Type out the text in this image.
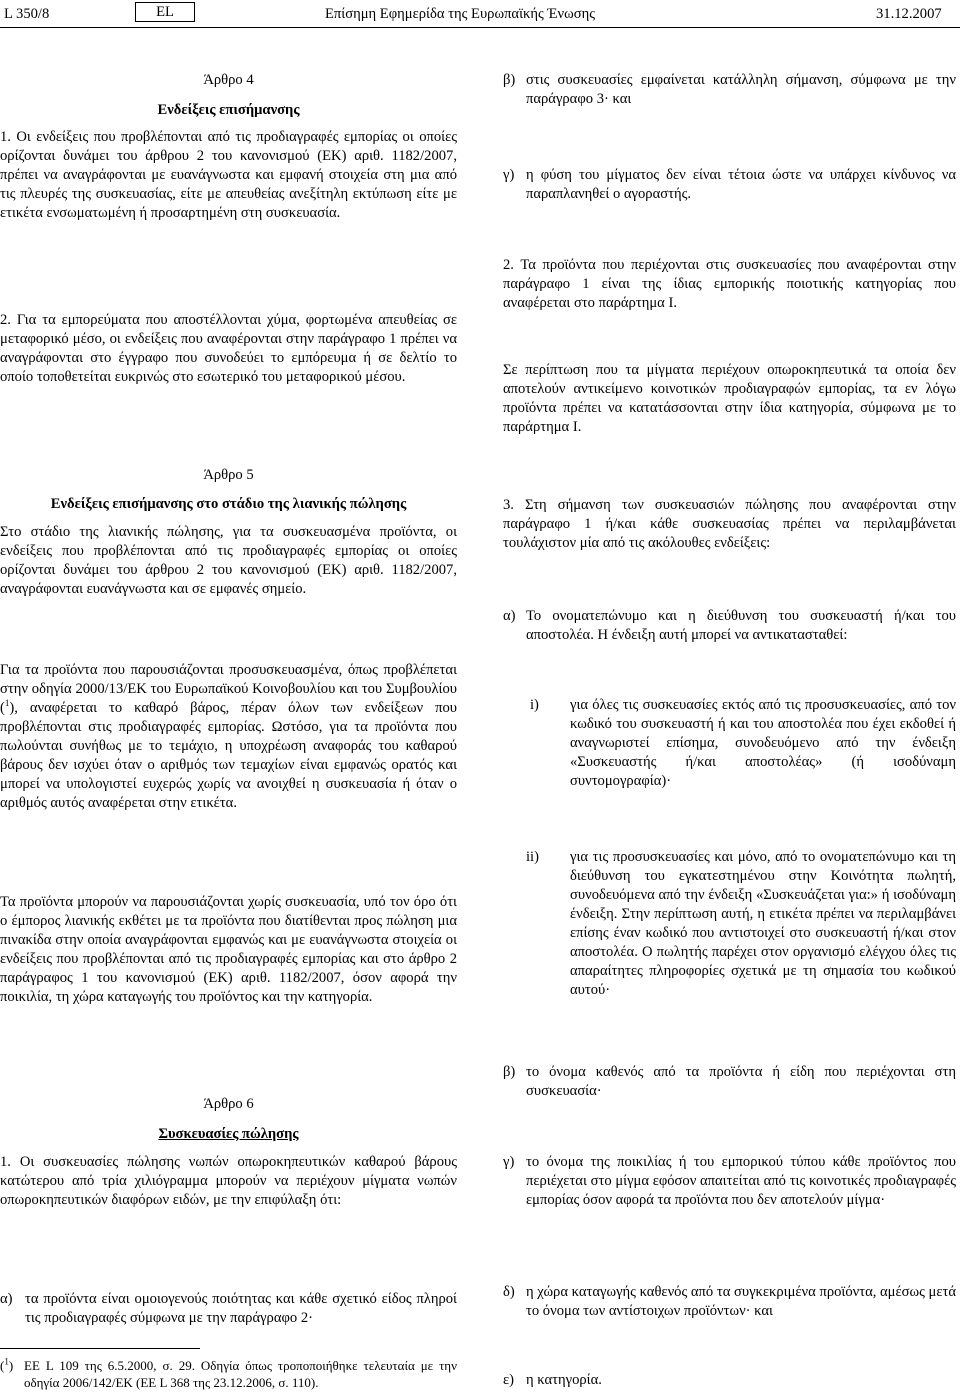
L 350/8	EL	Επίσημη Εφημερίδα της Ευρωπαϊκής Ένωσης	31.12.2007
Άρθρο 4
Ενδείξεις επισήμανσης
1. Οι ενδείξεις που προβλέπονται από τις προδιαγραφές εμπορίας οι οποίες ορίζονται δυνάμει του άρθρου 2 του κανονισμού (ΕΚ) αριθ. 1182/2007, πρέπει να αναγράφονται με ευανάγνωστα και εμφανή στοιχεία στη μια από τις πλευρές της συσκευασίας, είτε με απευθείας ανεξίτηλη εκτύπωση είτε με ετικέτα ενσωματωμένη ή προσαρτημένη στη συσκευασία.
2. Για τα εμπορεύματα που αποστέλλονται χύμα, φορτωμένα απευθείας σε μεταφορικό μέσο, οι ενδείξεις που αναφέρονται στην παράγραφο 1 πρέπει να αναγράφονται στο έγγραφο που συνοδεύει το εμπόρευμα ή σε δελτίο το οποίο τοποθετείται ευκρινώς στο εσωτερικό του μεταφορικού μέσου.
Άρθρο 5
Ενδείξεις επισήμανσης στο στάδιο της λιανικής πώλησης
Στο στάδιο της λιανικής πώλησης, για τα συσκευασμένα προϊόντα, οι ενδείξεις που προβλέπονται από τις προδιαγραφές εμπορίας οι οποίες ορίζονται δυνάμει του άρθρου 2 του κανονισμού (ΕΚ) αριθ. 1182/2007, αναγράφονται ευανάγνωστα και σε εμφανές σημείο.
Για τα προϊόντα που παρουσιάζονται προσυσκευασμένα, όπως προβλέπεται στην οδηγία 2000/13/ΕΚ του Ευρωπαϊκού Κοινοβουλίου και του Συμβουλίου ($^1$), αναφέρεται το καθαρό βάρος, πέραν όλων των ενδείξεων που προβλέπονται στις προδιαγραφές εμπορίας. Ωστόσο, για τα προϊόντα που πωλούνται συνήθως με το τεμάχιο, η υποχρέωση αναφοράς του καθαρού βάρους δεν ισχύει όταν ο αριθμός των τεμαχίων είναι εμφανώς ορατός και μπορεί να υπολογιστεί ευχερώς χωρίς να ανοιχθεί η συσκευασία ή όταν ο αριθμός αυτός αναφέρεται στην ετικέτα.
Τα προϊόντα μπορούν να παρουσιάζονται χωρίς συσκευασία, υπό τον όρο ότι ο έμπορος λιανικής εκθέτει με τα προϊόντα που διατίθενται προς πώληση μια πινακίδα στην οποία αναγράφονται εμφανώς και με ευανάγνωστα στοιχεία οι ενδείξεις που προβλέπονται από τις προδιαγραφές εμπορίας και στο άρθρο 2 παράγραφος 1 του κανονισμού (ΕΚ) αριθ. 1182/2007, όσον αφορά την ποικιλία, τη χώρα καταγωγής του προϊόντος και την κατηγορία.
Άρθρο 6
Συσκευασίες πώλησης
1. Οι συσκευασίες πώλησης νωπών οπωροκηπευτικών καθαρού βάρους κατώτερου από τρία χιλιόγραμμα μπορούν να περιέχουν μίγματα νωπών οπωροκηπευτικών διαφόρων ειδών, με την επιφύλαξη ότι:
α) τα προϊόντα είναι ομοιογενούς ποιότητας και κάθε σχετικό είδος πληροί τις προδιαγραφές σύμφωνα με την παράγραφο 2·
($^1$) ΕΕ L 109 της 6.5.2000, σ. 29. Οδηγία όπως τροποποιήθηκε τελευταία με την οδηγία 2006/142/ΕΚ (ΕΕ L 368 της 23.12.2006, σ. 110).
β) στις συσκευασίες εμφαίνεται κατάλληλη σήμανση, σύμφωνα με την παράγραφο 3· και
γ) η φύση του μίγματος δεν είναι τέτοια ώστε να υπάρχει κίνδυνος να παραπλανηθεί ο αγοραστής.
2. Τα προϊόντα που περιέχονται στις συσκευασίες που αναφέρονται στην παράγραφο 1 είναι της ίδιας εμπορικής ποιοτικής κατηγορίας που αναφέρεται στο παράρτημα Ι.
Σε περίπτωση που τα μίγματα περιέχουν οπωροκηπευτικά τα οποία δεν αποτελούν αντικείμενο κοινοτικών προδιαγραφών εμπορίας, τα εν λόγω προϊόντα πρέπει να κατατάσσονται στην ίδια κατηγορία, σύμφωνα με το παράρτημα Ι.
3. Στη σήμανση των συσκευασιών πώλησης που αναφέρονται στην παράγραφο 1 ή/και κάθε συσκευασίας πρέπει να περιλαμβάνεται τουλάχιστον μία από τις ακόλουθες ενδείξεις:
α) Το ονοματεπώνυμο και η διεύθυνση του συσκευαστή ή/και του αποστολέα. Η ένδειξη αυτή μπορεί να αντικατασταθεί:
i) για όλες τις συσκευασίες εκτός από τις προσυσκευασίες, από τον κωδικό του συσκευαστή ή και του αποστολέα που έχει εκδοθεί ή αναγνωριστεί επίσημα, συνοδευόμενο από την ένδειξη «Συσκευαστής ή/και αποστολέας» (ή ισοδύναμη συντομογραφία)·
ii) για τις προσυσκευασίες και μόνο, από το ονοματεπώνυμο και τη διεύθυνση του εγκατεστημένου στην Κοινότητα πωλητή, συνοδευόμενα από την ένδειξη «Συσκευάζεται για:» ή ισοδύναμη ένδειξη. Στην περίπτωση αυτή, η ετικέτα πρέπει να περιλαμβάνει επίσης έναν κωδικό που αντιστοιχεί στο συσκευαστή ή/και στον αποστολέα. Ο πωλητής παρέχει στον οργανισμό ελέγχου όλες τις απαραίτητες πληροφορίες σχετικά με τη σημασία του κωδικού αυτού·
β) το όνομα καθενός από τα προϊόντα ή είδη που περιέχονται στη συσκευασία·
γ) το όνομα της ποικιλίας ή του εμπορικού τύπου κάθε προϊόντος που περιέχεται στο μίγμα εφόσον απαιτείται από τις κοινοτικές προδιαγραφές εμπορίας όσον αφορά τα προϊόντα που δεν αποτελούν μίγμα·
δ) η χώρα καταγωγής καθενός από τα συγκεκριμένα προϊόντα, αμέσως μετά το όνομα των αντίστοιχων προϊόντων· και
ε) η κατηγορία.
